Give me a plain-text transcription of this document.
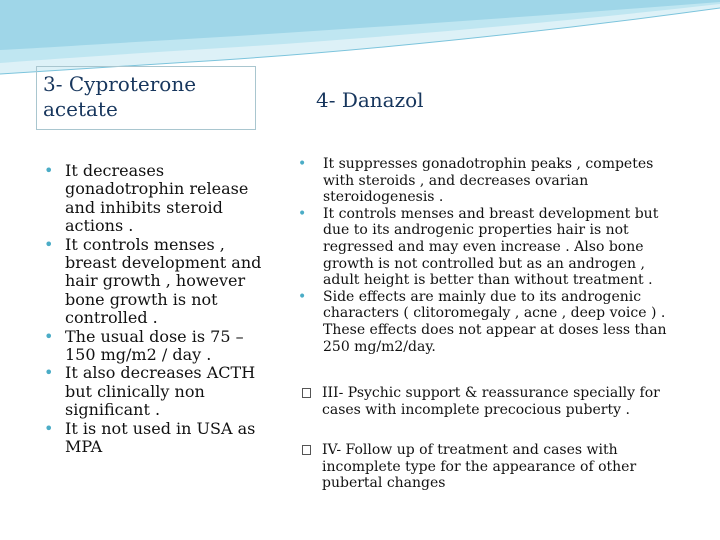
3- Cyproterone acetate	4- Danazol
• It decreases gonadotrophin release and inhibits steroid actions .
• It controls menses , breast development and hair growth , however bone growth is not controlled .
• The usual dose is 75 – 150 mg/m2 / day .
• It also decreases ACTH but clinically non significant .
• It is not used in USA as MPA
• It suppresses gonadotrophin peaks , competes with steroids , and decreases ovarian steroidogenesis .
• It controls menses and breast development but due to its androgenic properties hair is not regressed and may even increase . Also bone growth is not controlled but as an androgen , adult height is better than without treatment .
• Side effects are mainly due to its androgenic characters ( clitoromegaly , acne , deep voice ) . These effects does not appear at doses less than 250 mg/m2/day.
III- Psychic support & reassurance specially for cases with incomplete precocious puberty .
IV- Follow up of treatment and cases with incomplete type for the appearance of other pubertal changes
